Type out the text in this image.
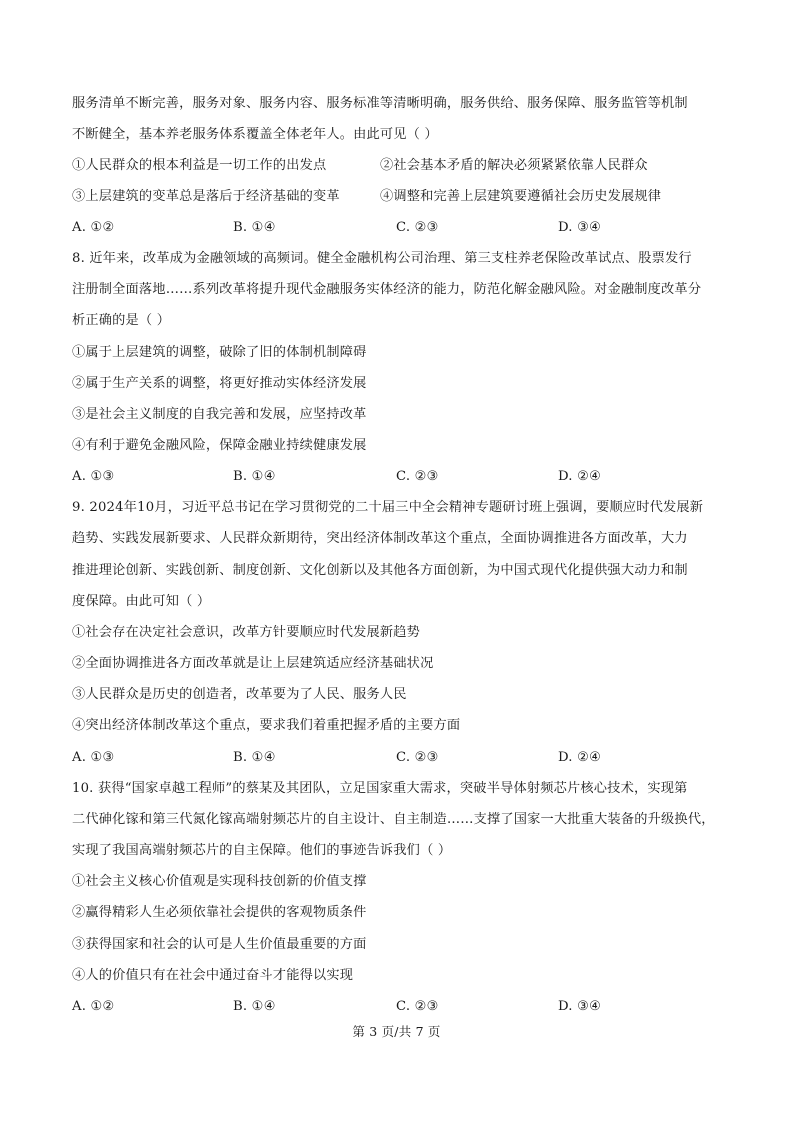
服务清单不断完善，服务对象、服务内容、服务标准等清晰明确，服务供给、服务保障、服务监管等机制
不断健全，基本养老服务体系覆盖全体老年人。由此可见（ ）
①人民群众的根本利益是一切工作的出发点	②社会基本矛盾的解决必须紧紧依靠人民群众
③上层建筑的变革总是落后于经济基础的变革	④调整和完善上层建筑要遵循社会历史发展规律
A. ①②	B. ①④	C. ②③	D. ③④
8. 近年来，改革成为金融领域的高频词。健全金融机构公司治理、第三支柱养老保险改革试点、股票发行
注册制全面落地……系列改革将提升现代金融服务实体经济的能力，防范化解金融风险。对金融制度改革分
析正确的是（ ）
①属于上层建筑的调整，破除了旧的体制机制障碍
②属于生产关系的调整，将更好推动实体经济发展
③是社会主义制度的自我完善和发展，应坚持改革
④有利于避免金融风险，保障金融业持续健康发展
A. ①③	B. ①④	C. ②③	D. ②④
9. 2024年10月，习近平总书记在学习贯彻党的二十届三中全会精神专题研讨班上强调，要顺应时代发展新
趋势、实践发展新要求、人民群众新期待，突出经济体制改革这个重点，全面协调推进各方面改革，大力
推进理论创新、实践创新、制度创新、文化创新以及其他各方面创新，为中国式现代化提供强大动力和制
度保障。由此可知（ ）
①社会存在决定社会意识，改革方针要顺应时代发展新趋势
②全面协调推进各方面改革就是让上层建筑适应经济基础状况
③人民群众是历史的创造者，改革要为了人民、服务人民
④突出经济体制改革这个重点，要求我们着重把握矛盾的主要方面
A. ①③	B. ①④	C. ②③	D. ②④
10. 获得“国家卓越工程师”的蔡某及其团队，立足国家重大需求，突破半导体射频芯片核心技术，实现第
二代砷化镓和第三代氮化镓高端射频芯片的自主设计、自主制造……支撑了国家一大批重大装备的升级换代，
实现了我国高端射频芯片的自主保障。他们的事迹告诉我们（ ）
①社会主义核心价值观是实现科技创新的价值支撑
②赢得精彩人生必须依靠社会提供的客观物质条件
③获得国家和社会的认可是人生价值最重要的方面
④人的价值只有在社会中通过奋斗才能得以实现
A. ①②	B. ①④	C. ②③	D. ③④
第 3 页/共 7 页
